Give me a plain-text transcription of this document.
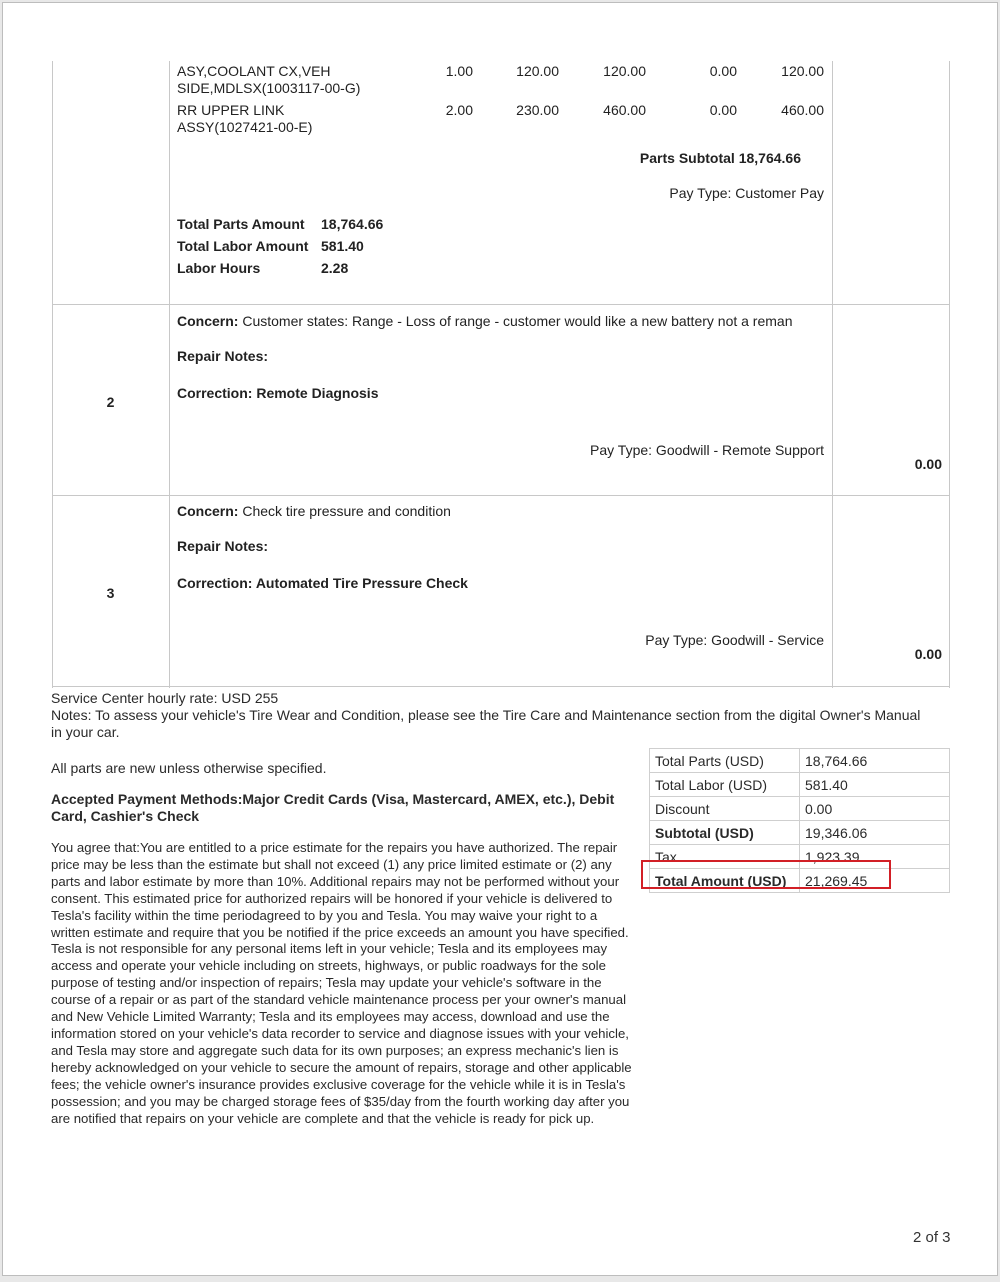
ASY,COOLANT CX,VEH
SIDE,MDLSX(1003117-00-G)
1.00	120.00	120.00	0.00	120.00
RR UPPER LINK
ASSY(1027421-00-E)
2.00	230.00	460.00	0.00	460.00
Parts Subtotal 18,764.66
Pay Type: Customer Pay
Total Parts Amount 18,764.66
Total Labor Amount 581.40
Labor Hours	2.28
2
Concern: Customer states: Range - Loss of range - customer would like a new battery not a reman
Repair Notes:
Correction: Remote Diagnosis
Pay Type: Goodwill - Remote Support
0.00
3
Concern: Check tire pressure and condition
Repair Notes:
Correction: Automated Tire Pressure Check
Pay Type: Goodwill - Service
0.00
Service Center hourly rate: USD 255
Notes: To assess your vehicle's Tire Wear and Condition, please see the Tire Care and Maintenance section from the digital Owner's Manual in your car.
All parts are new unless otherwise specified.
Accepted Payment Methods:Major Credit Cards (Visa, Mastercard, AMEX, etc.), Debit Card, Cashier's Check
You agree that:You are entitled to a price estimate for the repairs you have authorized. The repair price may be less than the estimate but shall not exceed (1) any price limited estimate or (2) any parts and labor estimate by more than 10%. Additional repairs may not be performed without your consent. This estimated price for authorized repairs will be honored if your vehicle is delivered to Tesla's facility within the time periodagreed to by you and Tesla. You may waive your right to a written estimate and require that you be notified if the price exceeds an amount you have specified. Tesla is not responsible for any personal items left in your vehicle; Tesla and its employees may access and operate your vehicle including on streets, highways, or public roadways for the sole purpose of testing and/or inspection of repairs; Tesla may update your vehicle's software in the course of a repair or as part of the standard vehicle maintenance process per your owner's manual and New Vehicle Limited Warranty; Tesla and its employees may access, download and use the information stored on your vehicle's data recorder to service and diagnose issues with your vehicle, and Tesla may store and aggregate such data for its own purposes; an express mechanic's lien is hereby acknowledged on your vehicle to secure the amount of repairs, storage and other applicable fees; the vehicle owner's insurance provides exclusive coverage for the vehicle while it is in Tesla's possession; and you may be charged storage fees of $35/day from the fourth working day after you are notified that repairs on your vehicle are complete and that the vehicle is ready for pick up.
Total Parts (USD)	18,764.66
Total Labor (USD)	581.40
Discount	0.00
Subtotal (USD)	19,346.06
Tax	1,923.39
Total Amount (USD)	21,269.45
2 of 3
